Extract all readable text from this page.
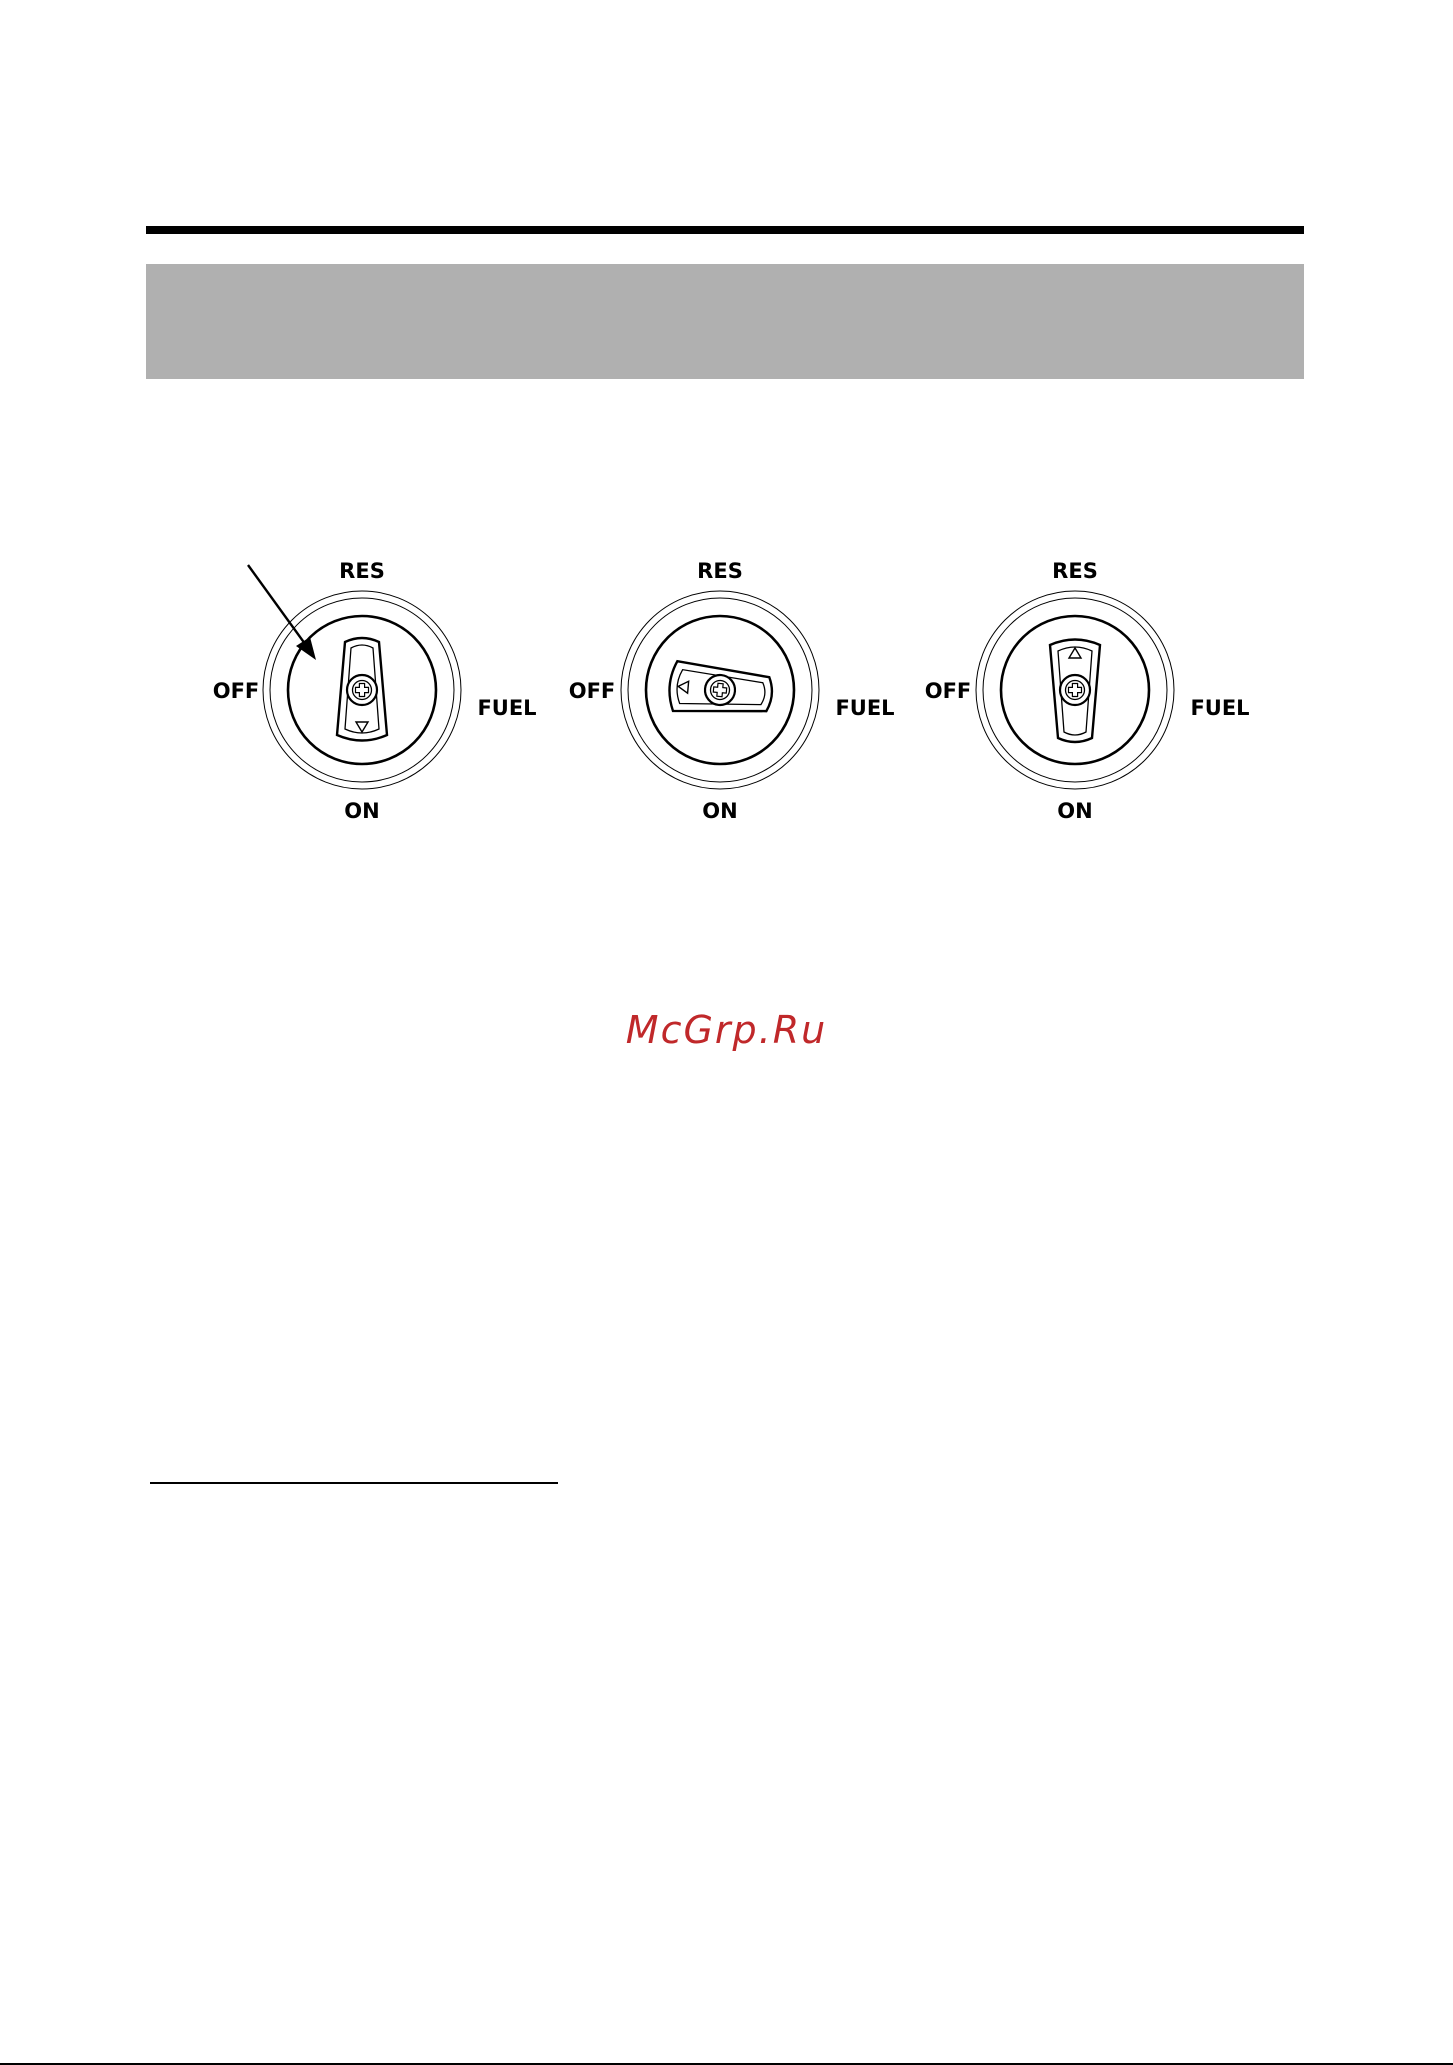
RES
OFF
FUEL
ON
RES
OFF
FUEL
ON
RES
OFF
FUEL
ON
McGrp.Ru
